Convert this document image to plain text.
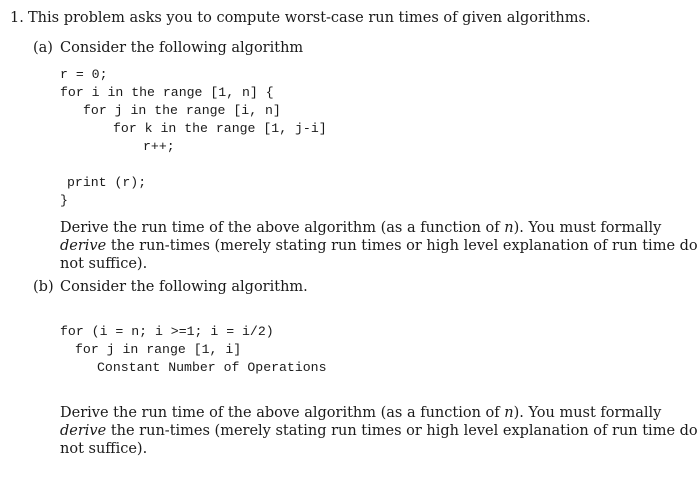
1. This problem asks you to compute worst-case run times of given algorithms.
(a) Consider the following algorithm
r = 0;
for i in the range [1, n] {
for j in the range [i, n]
for k in the range [1, j-i]
r++;
print (r);
}
Derive the run time of the above algorithm (as a function of n). You must formally
derive the run-times (merely stating run times or high level explanation of run time do
not suffice).
(b) Consider the following algorithm.
for (i = n; i >=1; i = i/2)
for j in range [1, i]
Constant Number of Operations
Derive the run time of the above algorithm (as a function of n). You must formally
derive the run-times (merely stating run times or high level explanation of run time do
not suffice).
